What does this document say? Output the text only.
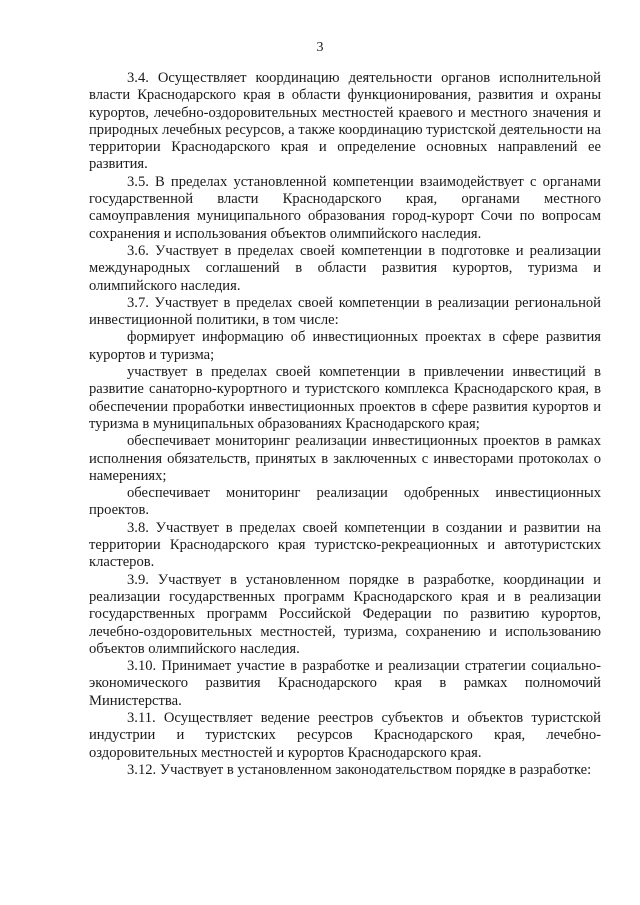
3

3.4. Осуществляет координацию деятельности органов исполнительной власти Краснодарского края в области функционирования, развития и охраны курортов, лечебно-оздоровительных местностей краевого и местного значения и природных лечебных ресурсов, а также координацию туристской деятельности на территории Краснодарского края и определение основных направлений ее развития.

3.5. В пределах установленной компетенции взаимодействует с органами государственной власти Краснодарского края, органами местного самоуправления муниципального образования город-курорт Сочи по вопросам сохранения и использования объектов олимпийского наследия.

3.6. Участвует в пределах своей компетенции в подготовке и реализации международных соглашений в области развития курортов, туризма и олимпийского наследия.

3.7. Участвует в пределах своей компетенции в реализации региональной инвестиционной политики, в том числе:

формирует информацию об инвестиционных проектах в сфере развития курортов и туризма;

участвует в пределах своей компетенции в привлечении инвестиций в развитие санаторно-курортного и туристского комплекса Краснодарского края, в обеспечении проработки инвестиционных проектов в сфере развития курортов и туризма в муниципальных образованиях Краснодарского края;

обеспечивает мониторинг реализации инвестиционных проектов в рамках исполнения обязательств, принятых в заключенных с инвесторами протоколах о намерениях;

обеспечивает мониторинг реализации одобренных инвестиционных проектов.

3.8. Участвует в пределах своей компетенции в создании и развитии на территории Краснодарского края туристско-рекреационных и автотуристских кластеров.

3.9. Участвует в установленном порядке в разработке, координации и реализации государственных программ Краснодарского края и в реализации государственных программ Российской Федерации по развитию курортов, лечебно-оздоровительных местностей, туризма, сохранению и использованию объектов олимпийского наследия.

3.10. Принимает участие в разработке и реализации стратегии социально-экономического развития Краснодарского края в рамках полномочий Министерства.

3.11. Осуществляет ведение реестров субъектов и объектов туристской индустрии и туристских ресурсов Краснодарского края, лечебно-оздоровительных местностей и курортов Краснодарского края.

3.12. Участвует в установленном законодательством порядке в разработке:
